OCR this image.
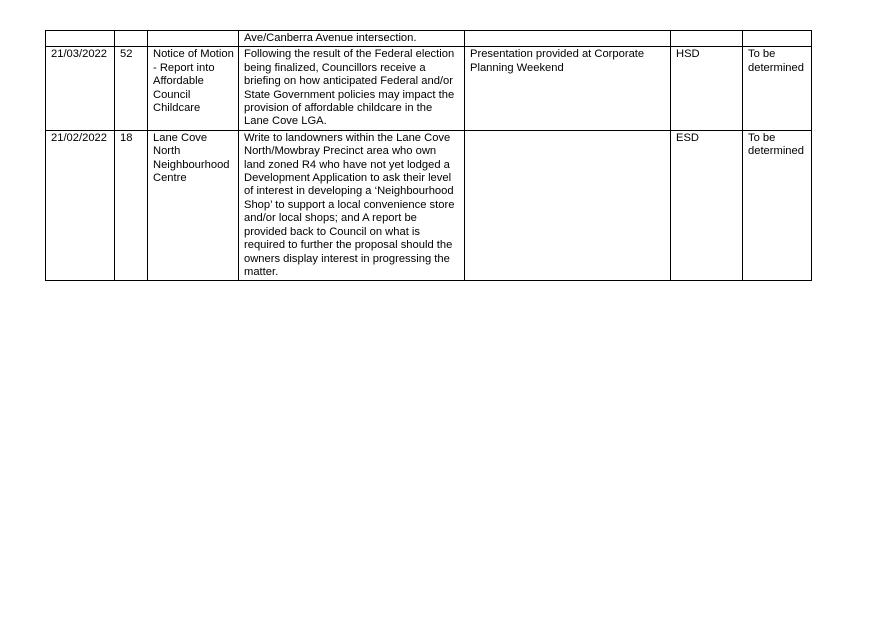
			Ave/Canberra Avenue intersection.			

21/03/2022	52	Notice of Motion - Report into Affordable Council Childcare	Following the result of the Federal election being finalized, Councillors receive a briefing on how anticipated Federal and/or State Government policies may impact the provision of affordable childcare in the Lane Cove LGA.	Presentation provided at Corporate Planning Weekend	HSD	To be determined

21/02/2022	18	Lane Cove North Neighbourhood Centre	Write to landowners within the Lane Cove North/Mowbray Precinct area who own land zoned R4 who have not yet lodged a Development Application to ask their level of interest in developing a ‘Neighbourhood Shop’ to support a local convenience store and/or local shops; and A report be provided back to Council on what is required to further the proposal should the owners display interest in progressing the matter.		ESD	To be determined
